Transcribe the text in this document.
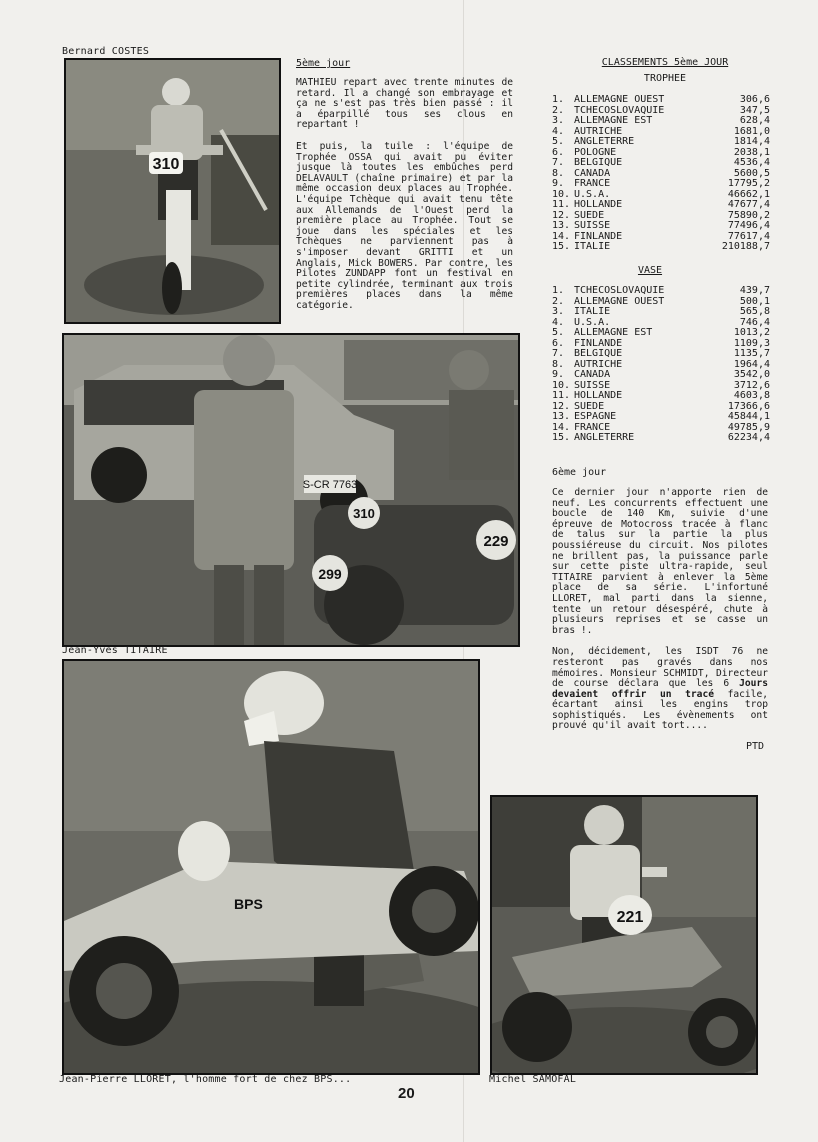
Bernard COSTES
310
5ème jour

MATHIEU repart avec trente minutes de retard. Il a changé son embrayage et ça ne s'est pas très bien passé : il a éparpillé tous ses clous en repartant !

Et puis, la tuile : l'équipe de Trophée OSSA qui avait pu éviter jusque là toutes les embûches perd DELAVAULT (chaîne primaire) et par la même occasion deux places au Trophée. L'équipe Tchèque qui avait tenu tête aux Allemands de l'Ouest perd la première place au Trophée. Tout se joue dans les spéciales et les Tchèques ne parviennent pas à s'imposer devant GRITTI et un Anglais, Mick BOWERS. Par contre, les Pilotes ZUNDAPP font un festival en petite cylindrée, terminant aux trois premières places dans la même catégorie.

CLASSEMENTS 5ème JOUR
TROPHEE
1.	ALLEMAGNE OUEST	306,6
2.	TCHECOSLOVAQUIE	347,5
3.	ALLEMAGNE EST	628,4
4.	AUTRICHE	1681,0
5.	ANGLETERRE	1814,4
6.	POLOGNE	2038,1
7.	BELGIQUE	4536,4
8.	CANADA	5600,5
9.	FRANCE	17795,2
10.	U.S.A.	46662,1
11.	HOLLANDE	47677,4
12.	SUEDE	75890,2
13.	SUISSE	77496,4
14.	FINLANDE	77617,4
15.	ITALIE	210188,7
VASE
1.	TCHECOSLOVAQUIE	439,7
2.	ALLEMAGNE OUEST	500,1
3.	ITALIE	565,8
4.	U.S.A.	746,4
5.	ALLEMAGNE EST	1013,2
6.	FINLANDE	1109,3
7.	BELGIQUE	1135,7
8.	AUTRICHE	1964,4
9.	CANADA	3542,0
10.	SUISSE	3712,6
11.	HOLLANDE	4603,8
12.	SUEDE	17366,6
13.	ESPAGNE	45844,1
14.	FRANCE	49785,9
15.	ANGLETERRE	62234,4
S-CR 7763
310
229
299
Jean-Yves TITAIRE
6ème jour

Ce dernier jour n'apporte rien de neuf. Les concurrents effectuent une boucle de 140 Km, suivie d'une épreuve de Motocross tracée à flanc de talus sur la partie la plus poussiéreuse du circuit. Nos pilotes ne brillent pas, la puissance parle sur cette piste ultra-rapide, seul TITAIRE parvient à enlever la 5ème place de sa série. L'infortuné LLORET, mal parti dans la sienne, tente un retour désespéré, chute à plusieurs reprises et se casse un bras !.

Non, décidement, les ISDT 76 ne resteront pas gravés dans nos mémoires. Monsieur SCHMIDT, Directeur de course déclara que les 6 Jours devaient offrir un tracé facile, écartant ainsi les engins trop sophistiqués. Les évènements ont prouvé qu'il avait tort....

PTD
BPS
Jean-Pierre LLORET, l'homme fort de chez BPS...
221
Michel SAMOFAL
20
